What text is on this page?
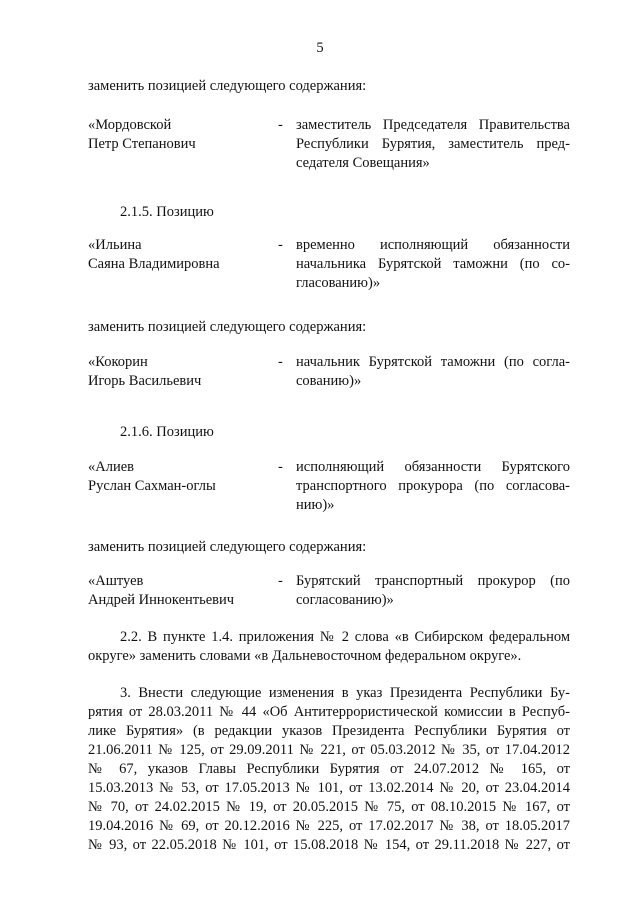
5

заменить позицией следующего содержания:

«Мордовской

Петр Степанович

- заместитель Председателя Правительства
Республики Бурятия, заместитель пред-
седателя Совещания»

2.1.5. Позицию

«Ильина

Саяна Владимировна

- временно исполняющий обязанности
начальника Бурятской таможни (по со-
гласованию)»

заменить позицией следующего содержания:

«Кокорин

Игорь Васильевич

- начальник Бурятской таможни (по согла-
сованию)»

2.1.6. Позицию

«Алиев

Руслан Сахман-оглы

- исполняющий обязанности Бурятского
транспортного прокурора (по согласова-
нию)»

заменить позицией следующего содержания:

«Аштуев

Андрей Иннокентьевич

- Бурятский транспортный прокурор (по
согласованию)»
2.2. В пункте 1.4. приложения № 2 слова «в Сибирском федеральном
округе» заменить словами «в Дальневосточном федеральном округе».
3. Внести следующие изменения в указ Президента Республики Бу-
рятия от 28.03.2011 № 44 «Об Антитеррористической комиссии в Респуб-
лике Бурятия» (в редакции указов Президента Республики Бурятия от
21.06.2011 № 125, от 29.09.2011 № 221, от 05.03.2012 № 35, от 17.04.2012
№ 67, указов Главы Республики Бурятия от 24.07.2012 № 165, от
15.03.2013 № 53, от 17.05.2013 № 101, от 13.02.2014 № 20, от 23.04.2014
№ 70, от 24.02.2015 № 19, от 20.05.2015 № 75, от 08.10.2015 № 167, от
19.04.2016 № 69, от 20.12.2016 № 225, от 17.02.2017 № 38, от 18.05.2017
№ 93, от 22.05.2018 № 101, от 15.08.2018 № 154, от 29.11.2018 № 227, от
